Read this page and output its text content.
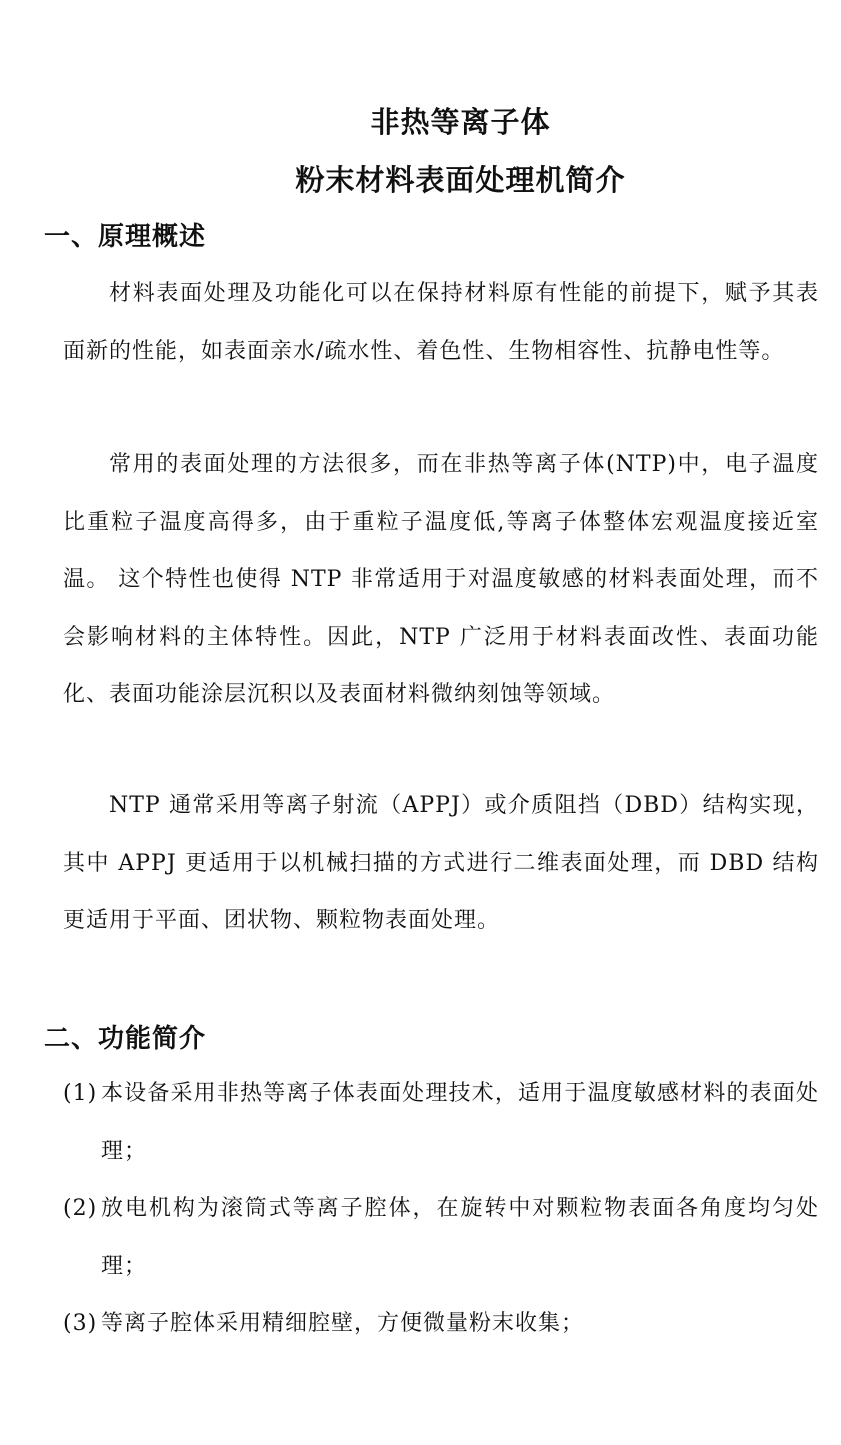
非热等离子体
粉末材料表面处理机简介
一、原理概述

材料表面处理及功能化可以在保持材料原有性能的前提下，赋予其表面新的性能，如表面亲水/疏水性、着色性、生物相容性、抗静电性等。

常用的表面处理的方法很多，而在非热等离子体(NTP)中，电子温度比重粒子温度高得多，由于重粒子温度低,等离子体整体宏观温度接近室温。 这个特性也使得 NTP 非常适用于对温度敏感的材料表面处理，而不会影响材料的主体特性。因此，NTP 广泛用于材料表面改性、表面功能化、表面功能涂层沉积以及表面材料微纳刻蚀等领域。

NTP 通常采用等离子射流（APPJ）或介质阻挡（DBD）结构实现，其中 APPJ 更适用于以机械扫描的方式进行二维表面处理，而 DBD 结构更适用于平面、团状物、颗粒物表面处理。

二、功能简介
(1) 本设备采用非热等离子体表面处理技术，适用于温度敏感材料的表面处理；
(2) 放电机构为滚筒式等离子腔体，在旋转中对颗粒物表面各角度均匀处理；
(3) 等离子腔体采用精细腔壁，方便微量粉末收集；
